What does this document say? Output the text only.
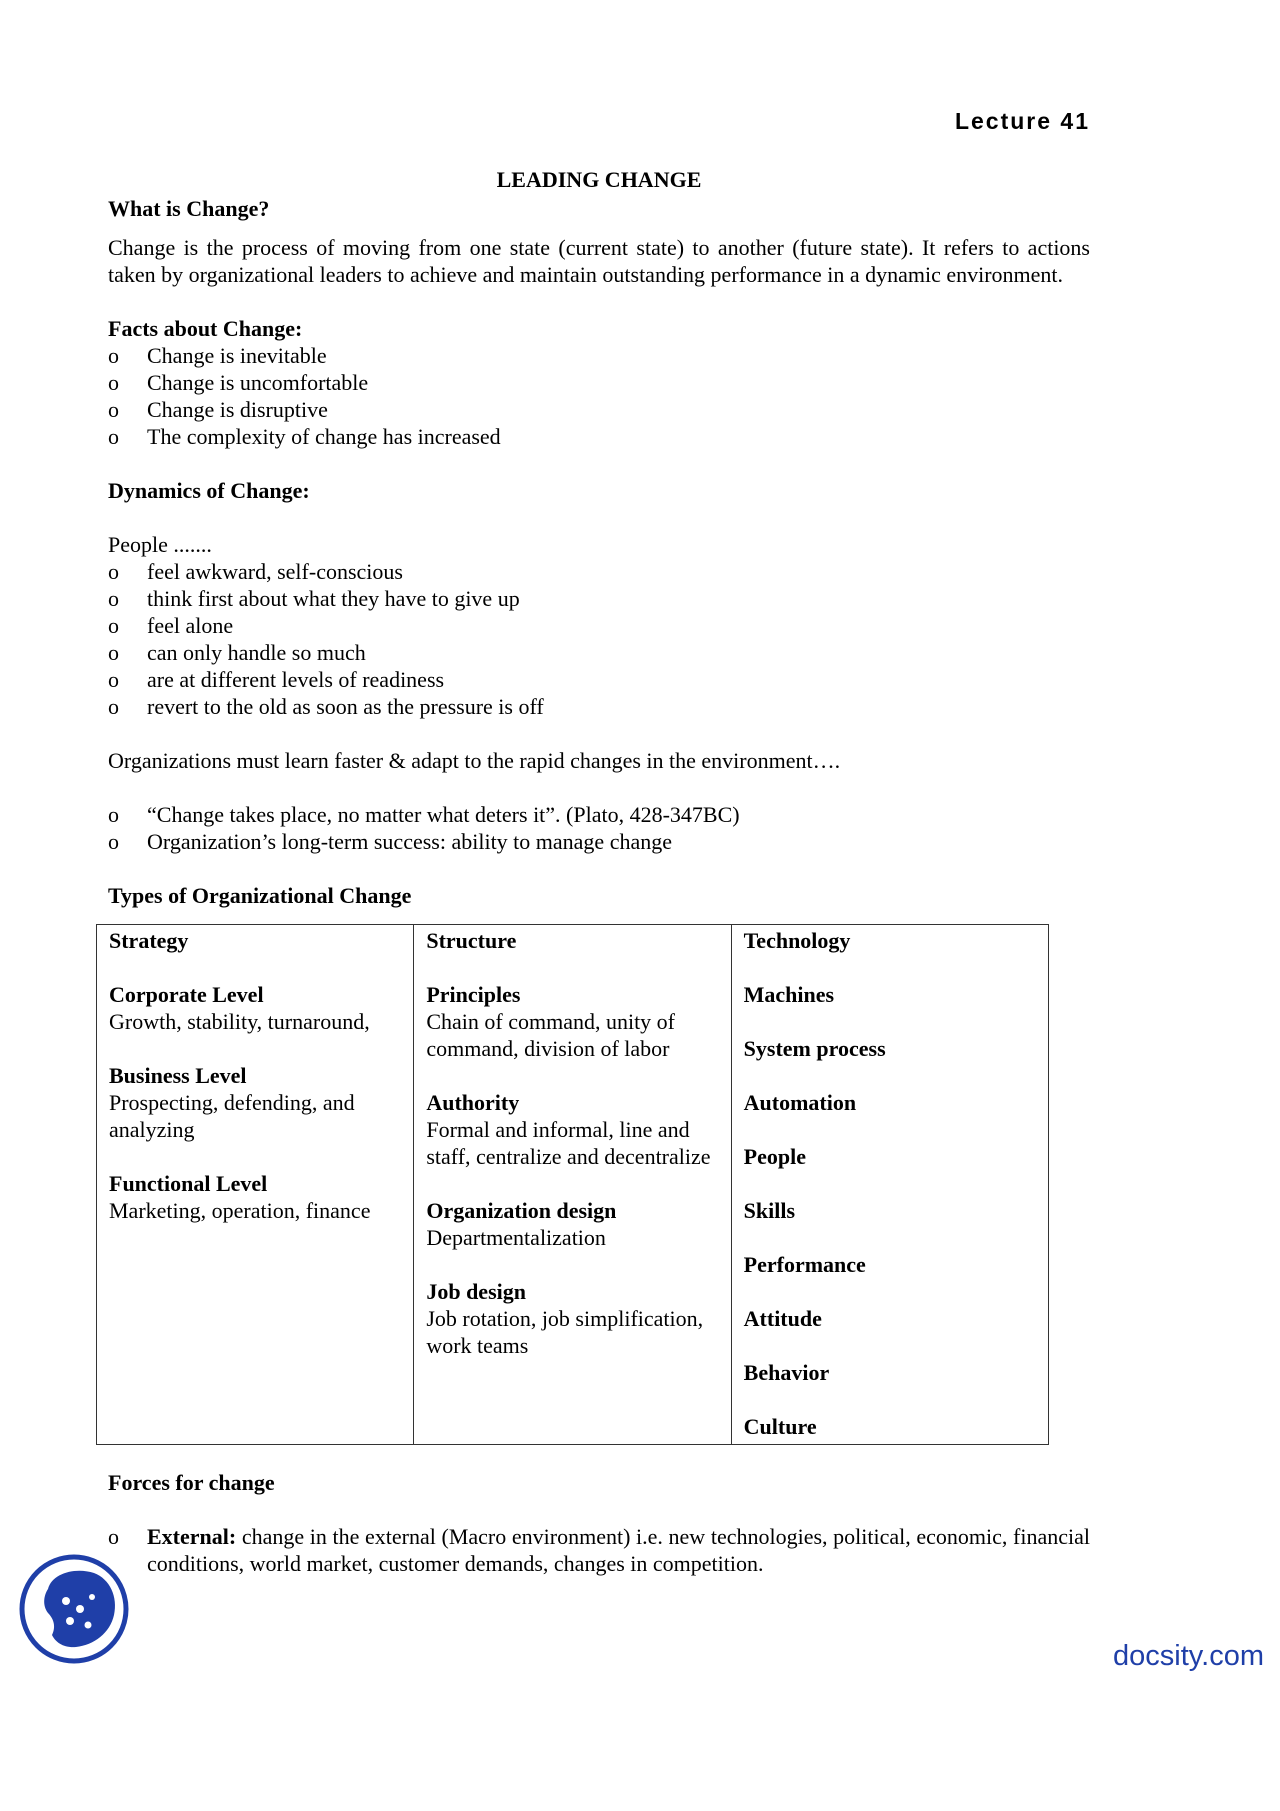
Lecture 41

LEADING CHANGE

What is Change?

Change is the process of moving from one state (current state) to another (future state). It refers to actions taken by organizational leaders to achieve and maintain outstanding performance in a dynamic environment.

Facts about Change:
o Change is inevitable
o Change is uncomfortable
o Change is disruptive
o The complexity of change has increased
Dynamics of Change:

People .......

o feel awkward, self-conscious
o think first about what they have to give up
o feel alone
o can only handle so much
o are at different levels of readiness
o revert to the old as soon as the pressure is off

Organizations must learn faster & adapt to the rapid changes in the environment….

o “Change takes place, no matter what deters it”. (Plato, 428-347BC)
o Organization’s long-term success: ability to manage change
Types of Organizational Change
Strategy
Corporate Level
Growth, stability, turnaround,
Business Level
Prospecting, defending, and analyzing
Functional Level
Marketing, operation, finance

Structure
Principles
Chain of command, unity of command, division of labor
Authority
Formal and informal, line and staff, centralize and decentralize
Organization design
Departmentalization
Job design
Job rotation, job simplification, work teams

Technology
Machines
System process
Automation
People
Skills
Performance
Attitude
Behavior
Culture
Forces for change

o External: change in the external (Macro environment) i.e. new technologies, political, economic, financial conditions, world market, customer demands, changes in competition.

docsity.com
